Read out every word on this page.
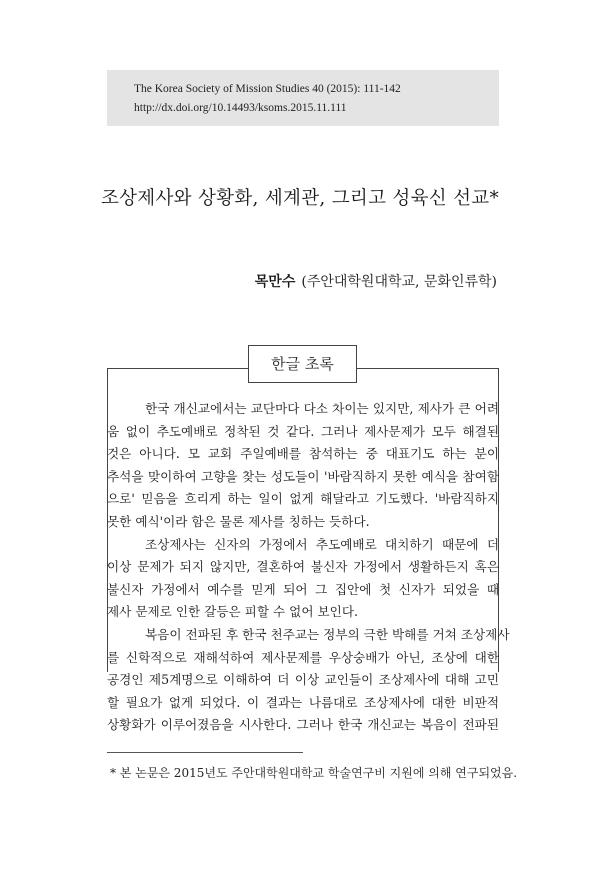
The Korea Society of Mission Studies 40 (2015): 111-142
http://dx.doi.org/10.14493/ksoms.2015.11.111
조상제사와 상황화, 세계관, 그리고 성육신 선교*
목만수 (주안대학원대학교, 문화인류학)
한글 초록
한국 개신교에서는 교단마다 다소 차이는 있지만, 제사가 큰 어려
움 없이 추도예배로 정착된 것 같다. 그러나 제사문제가 모두 해결된
것은 아니다. 모 교회 주일예배를 참석하는 중 대표기도 하는 분이
추석을 맞이하여 고향을 찾는 성도들이 '바람직하지 못한 예식을 참여함
으로' 믿음을 흐리게 하는 일이 없게 해달라고 기도했다. '바람직하지
못한 예식'이라 함은 물론 제사를 칭하는 듯하다.
조상제사는 신자의 가정에서 추도예배로 대치하기 때문에 더
이상 문제가 되지 않지만, 결혼하여 불신자 가정에서 생활하든지 혹은
불신자 가정에서 예수를 믿게 되어 그 집안에 첫 신자가 되었을 때
제사 문제로 인한 갈등은 피할 수 없어 보인다.
복음이 전파된 후 한국 천주교는 정부의 극한 박해를 거쳐 조상제사
를 신학적으로 재해석하여 제사문제를 우상숭배가 아닌, 조상에 대한
공경인 제5계명으로 이해하여 더 이상 교인들이 조상제사에 대해 고민
할 필요가 없게 되었다. 이 결과는 나름대로 조상제사에 대한 비판적
상황화가 이루어졌음을 시사한다. 그러나 한국 개신교는 복음이 전파된
* 본 논문은 2015년도 주안대학원대학교 학술연구비 지원에 의해 연구되었음.
